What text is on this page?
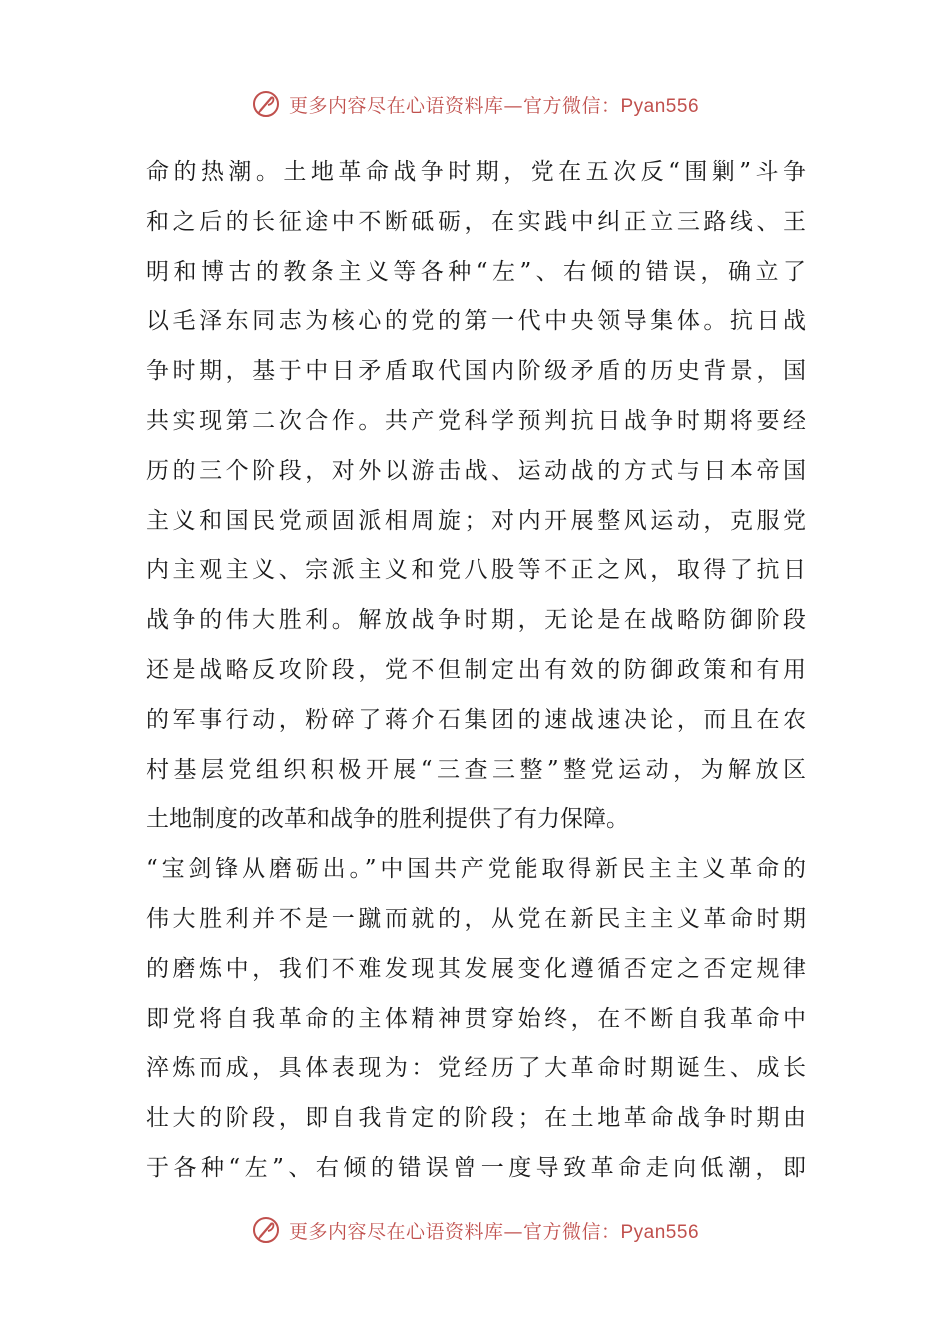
更多内容尽在心语资料库—官方微信：Pyan556
命的热潮。土地革命战争时期，党在五次反“围剿”斗争
和之后的长征途中不断砥砺，在实践中纠正立三路线、王
明和博古的教条主义等各种“左”、右倾的错误，确立了
以毛泽东同志为核心的党的第一代中央领导集体。抗日战
争时期，基于中日矛盾取代国内阶级矛盾的历史背景，国
共实现第二次合作。共产党科学预判抗日战争时期将要经
历的三个阶段，对外以游击战、运动战的方式与日本帝国
主义和国民党顽固派相周旋；对内开展整风运动，克服党
内主观主义、宗派主义和党八股等不正之风，取得了抗日
战争的伟大胜利。解放战争时期，无论是在战略防御阶段
还是战略反攻阶段，党不但制定出有效的防御政策和有用
的军事行动，粉碎了蒋介石集团的速战速决论，而且在农
村基层党组织积极开展“三查三整”整党运动，为解放区
土地制度的改革和战争的胜利提供了有力保障。
“宝剑锋从磨砺出。”中国共产党能取得新民主主义革命的
伟大胜利并不是一蹴而就的，从党在新民主主义革命时期
的磨炼中，我们不难发现其发展变化遵循否定之否定规律
即党将自我革命的主体精神贯穿始终，在不断自我革命中
淬炼而成，具体表现为：党经历了大革命时期诞生、成长
壮大的阶段，即自我肯定的阶段；在土地革命战争时期由
于各种“左”、右倾的错误曾一度导致革命走向低潮，即
更多内容尽在心语资料库—官方微信：Pyan556
